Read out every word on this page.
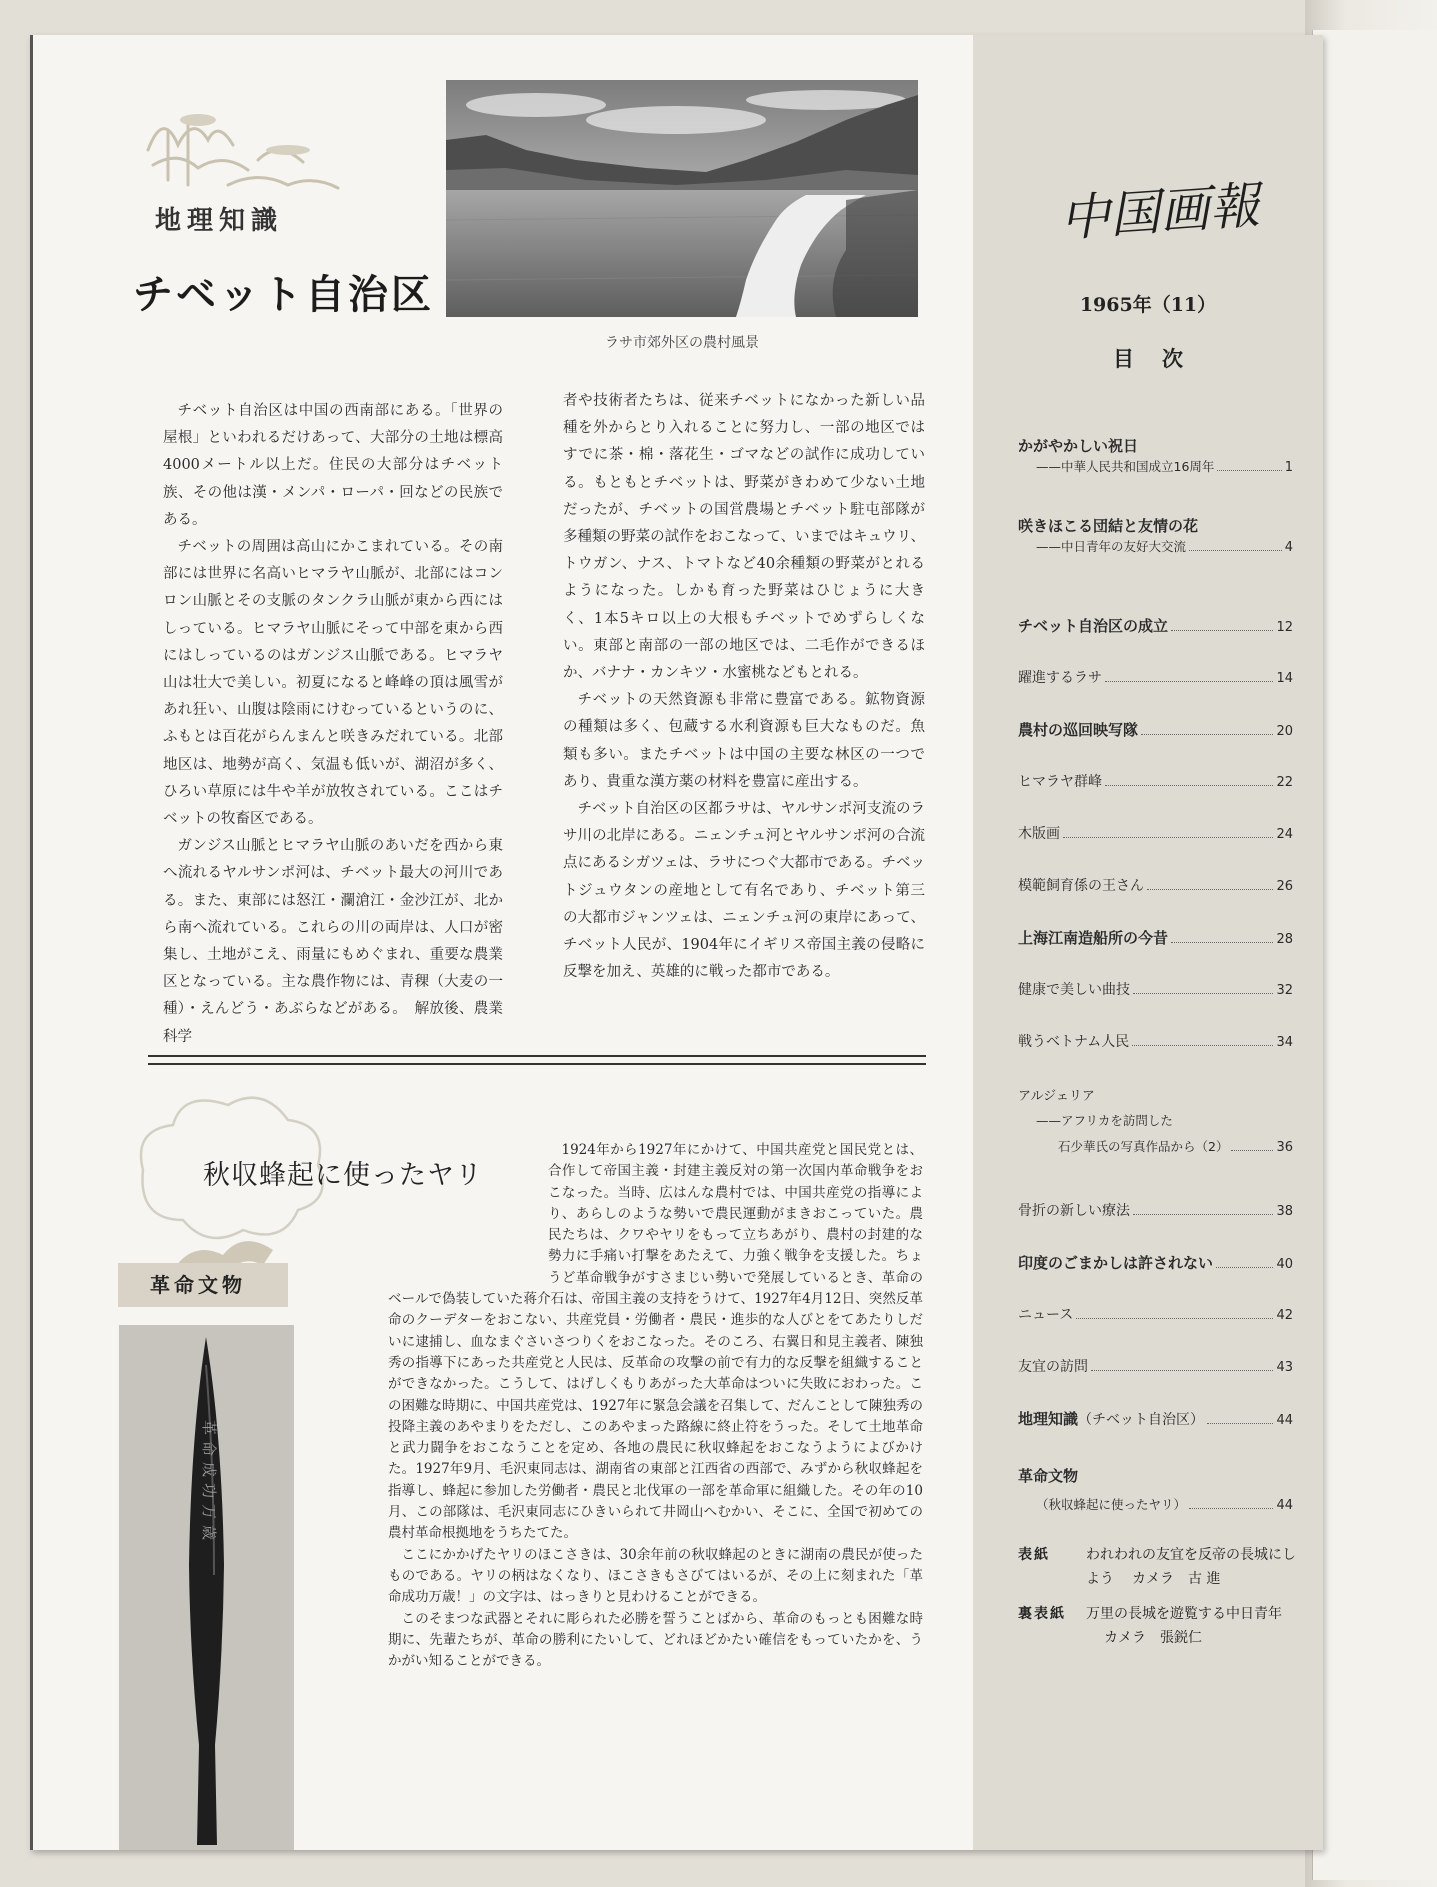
地理知識
チベット自治区
ラサ市郊外区の農村風景

チベット自治区は中国の西南部にある。「世界の屋根」といわれるだけあって、大部分の土地は標高4000メートル以上だ。住民の大部分はチベット族、その他は漢・メンパ・ローパ・回などの民族である。

チベットの周囲は高山にかこまれている。その南部には世界に名高いヒマラヤ山脈が、北部にはコンロン山脈とその支脈のタンクラ山脈が東から西にはしっている。ヒマラヤ山脈にそって中部を東から西にはしっているのはガンジス山脈である。ヒマラヤ山は壮大で美しい。初夏になると峰峰の頂は風雪があれ狂い、山腹は陰雨にけむっているというのに、ふもとは百花がらんまんと咲きみだれている。北部地区は、地勢が高く、気温も低いが、湖沼が多く、ひろい草原には牛や羊が放牧されている。ここはチベットの牧畜区である。

ガンジス山脈とヒマラヤ山脈のあいだを西から東へ流れるヤルサンポ河は、チベット最大の河川である。また、東部には怒江・瀾滄江・金沙江が、北から南へ流れている。これらの川の両岸は、人口が密集し、土地がこえ、雨量にもめぐまれ、重要な農業区となっている。主な農作物には、青稞（大麦の一種）・えんどう・あぶらなどがある。　解放後、農業科学

者や技術者たちは、従来チベットになかった新しい品種を外からとり入れることに努力し、一部の地区ではすでに茶・棉・落花生・ゴマなどの試作に成功している。もともとチベットは、野菜がきわめて少ない土地だったが、チベットの国営農場とチベット駐屯部隊が多種類の野菜の試作をおこなって、いまではキュウリ、トウガン、ナス、トマトなど40余種類の野菜がとれるようになった。しかも育った野菜はひじょうに大きく、1本5キロ以上の大根もチベットでめずらしくない。東部と南部の一部の地区では、二毛作ができるほか、バナナ・カンキツ・水蜜桃などもとれる。

チベットの天然資源も非常に豊富である。鉱物資源の種類は多く、包蔵する水利資源も巨大なものだ。魚類も多い。またチベットは中国の主要な林区の一つであり、貴重な漢方薬の材料を豊富に産出する。

チベット自治区の区都ラサは、ヤルサンポ河支流のラサ川の北岸にある。ニェンチュ河とヤルサンポ河の合流点にあるシガツェは、ラサにつぐ大都市である。チベットジュウタンの産地として有名であり、チベット第三の大都市ジャンツェは、ニェンチュ河の東岸にあって、チベット人民が、1904年にイギリス帝国主義の侵略に反撃を加え、英雄的に戦った都市である。

秋収蜂起に使ったヤリ
革命文物
革命成功万歳

1924年から1927年にかけて、中国共産党と国民党とは、合作して帝国主義・封建主義反対の第一次国内革命戦争をおこなった。当時、広はんな農村では、中国共産党の指導により、あらしのような勢いで農民運動がまきおこっていた。農民たちは、クワやヤリをもって立ちあがり、農村の封建的な勢力に手痛い打撃をあたえて、力強く戦争を支援した。ちょうど革命戦争がすさまじい勢いで発展しているとき、革命のベールで偽装していた蒋介石は、帝国主義の支持をうけて、1927年4月12日、突然反革命のクーデターをおこない、共産党員・労働者・農民・進歩的な人びとをてあたりしだいに逮捕し、血なまぐさいさつりくをおこなった。そのころ、右翼日和見主義者、陳独秀の指導下にあった共産党と人民は、反革命の攻撃の前で有力的な反撃を組織することができなかった。こうして、はげしくもりあがった大革命はついに失敗におわった。この困難な時期に、中国共産党は、1927年に緊急会議を召集して、だんことして陳独秀の投降主義のあやまりをただし、このあやまった路線に終止符をうった。そして土地革命と武力闘争をおこなうことを定め、各地の農民に秋収蜂起をおこなうようによびかけた。1927年9月、毛沢東同志は、湖南省の東部と江西省の西部で、みずから秋収蜂起を指導し、蜂起に参加した労働者・農民と北伐軍の一部を革命軍に組織した。その年の10月、この部隊は、毛沢東同志にひきいられて井岡山へむかい、そこに、全国で初めての農村革命根拠地をうちたてた。

ここにかかげたヤリのほこさきは、30余年前の秋収蜂起のときに湖南の農民が使ったものである。ヤリの柄はなくなり、ほこさきもさびてはいるが、その上に刻まれた「革命成功万歳！」の文字は、はっきりと見わけることができる。

このそまつな武器とそれに彫られた必勝を誓うことばから、革命のもっとも困難な時期に、先輩たちが、革命の勝利にたいして、どれほどかたい確信をもっていたかを、うかがい知ることができる。

中国画報
1965年（11）
目次
かがやかしい祝日
——中華人民共和国成立16周年	1
咲きほこる団結と友情の花
——中日青年の友好大交流	4
チベット自治区の成立	12
躍進するラサ	14
農村の巡回映写隊	20
ヒマラヤ群峰	22
木版画	24
模範飼育係の王さん	26
上海江南造船所の今昔	28
健康で美しい曲技	32
戦うベトナム人民	34
アルジェリア
——アフリカを訪問した
石少華氏の写真作品から（2）	36
骨折の新しい療法	38
印度のごまかしは許されない	40
ニュース	42
友宜の訪問	43
地理知識 （チベット自治区）	44
革命文物
（秋収蜂起に使ったヤリ）	44
表紙	われわれの友宜を反帝の長城にしよう カメラ　古 進
裏表紙 万里の長城を遊覧する中日青年カメラ　張鋭仁
